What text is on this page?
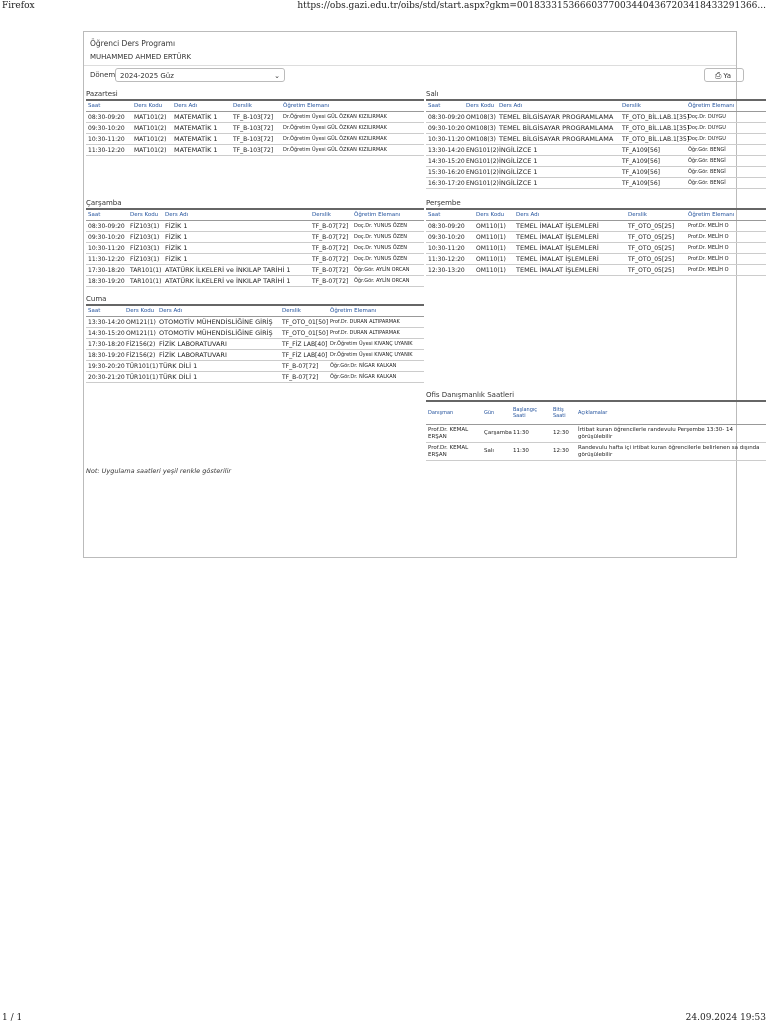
Firefox	https://obs.gazi.edu.tr/oibs/std/start.aspx?gkm=0018333153666037700344043672034184332913​66...
Öğrenci Ders Programı
MUHAMMED AHMED ERTÜRK
Dönem 2024-2025 Güz	⌄	⎙ Ya
Pazartesi
Saat	Ders Kodu	Ders Adı	Derslik	Öğretim Elemanı
08:30-09:20	MAT101(2)	MATEMATİK 1	TF_B-103[72]	Dr.Öğretim Üyesi GÜL ÖZKAN KIZILIRMAK
09:30-10:20	MAT101(2)	MATEMATİK 1	TF_B-103[72]	Dr.Öğretim Üyesi GÜL ÖZKAN KIZILIRMAK
10:30-11:20	MAT101(2)	MATEMATİK 1	TF_B-103[72]	Dr.Öğretim Üyesi GÜL ÖZKAN KIZILIRMAK
11:30-12:20	MAT101(2)	MATEMATİK 1	TF_B-103[72]	Dr.Öğretim Üyesi GÜL ÖZKAN KIZILIRMAK
Salı
Saat	Ders Kodu	Ders Adı	Derslik	Öğretim Elemanı
08:30-09:20	OM108(3)	TEMEL BİLGİSAYAR PROGRAMLAMA	TF_OTO_BİL.LAB.1[35]	Doç.Dr. DUYGU
09:30-10:20	OM108(3)	TEMEL BİLGİSAYAR PROGRAMLAMA	TF_OTO_BİL.LAB.1[35]	Doç.Dr. DUYGU
10:30-11:20	OM108(3)	TEMEL BİLGİSAYAR PROGRAMLAMA	TF_OTO_BİL.LAB.1[35]	Doç.Dr. DUYGU
13:30-14:20	ENG101(2)	İNGİLİZCE 1	TF_A109[56]	Öğr.Gör. BENGİ
14:30-15:20	ENG101(2)	İNGİLİZCE 1	TF_A109[56]	Öğr.Gör. BENGİ
15:30-16:20	ENG101(2)	İNGİLİZCE 1	TF_A109[56]	Öğr.Gör. BENGİ
16:30-17:20	ENG101(2)	İNGİLİZCE 1	TF_A109[56]	Öğr.Gör. BENGİ
Çarşamba
Saat	Ders Kodu	Ders Adı	Derslik	Öğretim Elemanı
08:30-09:20	FİZ103(1)	FİZİK 1	TF_B-07[72]	Doç.Dr. YUNUS ÖZEN
09:30-10:20	FİZ103(1)	FİZİK 1	TF_B-07[72]	Doç.Dr. YUNUS ÖZEN
10:30-11:20	FİZ103(1)	FİZİK 1	TF_B-07[72]	Doç.Dr. YUNUS ÖZEN
11:30-12:20	FİZ103(1)	FİZİK 1	TF_B-07[72]	Doç.Dr. YUNUS ÖZEN
17:30-18:20	TAR101(1)	ATATÜRK İLKELERİ ve İNKILAP TARİHİ 1	TF_B-07[72]	Öğr.Gör. AYLİN ORCAN
18:30-19:20	TAR101(1)	ATATÜRK İLKELERİ ve İNKILAP TARİHİ 1	TF_B-07[72]	Öğr.Gör. AYLİN ORCAN
Perşembe
Saat	Ders Kodu	Ders Adı	Derslik	Öğretim Elemanı
08:30-09:20	OM110(1)	TEMEL İMALAT İŞLEMLERİ	TF_OTO_05[25]	Prof.Dr. MELİH O
09:30-10:20	OM110(1)	TEMEL İMALAT İŞLEMLERİ	TF_OTO_05[25]	Prof.Dr. MELİH O
10:30-11:20	OM110(1)	TEMEL İMALAT İŞLEMLERİ	TF_OTO_05[25]	Prof.Dr. MELİH O
11:30-12:20	OM110(1)	TEMEL İMALAT İŞLEMLERİ	TF_OTO_05[25]	Prof.Dr. MELİH O
12:30-13:20	OM110(1)	TEMEL İMALAT İŞLEMLERİ	TF_OTO_05[25]	Prof.Dr. MELİH O
Cuma
Saat	Ders Kodu	Ders Adı	Derslik	Öğretim Elemanı
13:30-14:20	OM121(1)	OTOMOTİV MÜHENDİSLİĞİNE GİRİŞ	TF_OTO_01[50]	Prof.Dr. DURAN ALTIPARMAK
14:30-15:20	OM121(1)	OTOMOTİV MÜHENDİSLİĞİNE GİRİŞ	TF_OTO_01[50]	Prof.Dr. DURAN ALTIPARMAK
17:30-18:20	FİZ156(2)	FİZİK LABORATUVARI	TF_FİZ LAB[40]	Dr.Öğretim Üyesi KIVANÇ UYANIK
18:30-19:20	FİZ156(2)	FİZİK LABORATUVARI	TF_FİZ LAB[40]	Dr.Öğretim Üyesi KIVANÇ UYANIK
19:30-20:20	TÜR101(1)	TÜRK DİLİ 1	TF_B-07[72]	Öğr.Gör.Dr. NİGAR KALKAN
20:30-21:20	TÜR101(1)	TÜRK DİLİ 1	TF_B-07[72]	Öğr.Gör.Dr. NİGAR KALKAN
Ofis Danışmanlık Saatleri
Danışman	Gün	Başlangıç Saati	Bitiş Saati	Açıklamalar
Prof.Dr. KEMAL ERŞAN	Çarşamba	11:30	12:30	İrtibat kuran öğrencilerle randevulu Perşembe 13:30- 14 görüşülebilir
Prof.Dr. KEMAL ERŞAN	Salı	11:30	12:30	Randevulu hafta içi irtibat kuran öğrencilerle belirlenen sa dışında görüşülebilir
Not: Uygulama saatleri yeşil renkle gösterilir
1 / 1	24.09.2024 19:53
